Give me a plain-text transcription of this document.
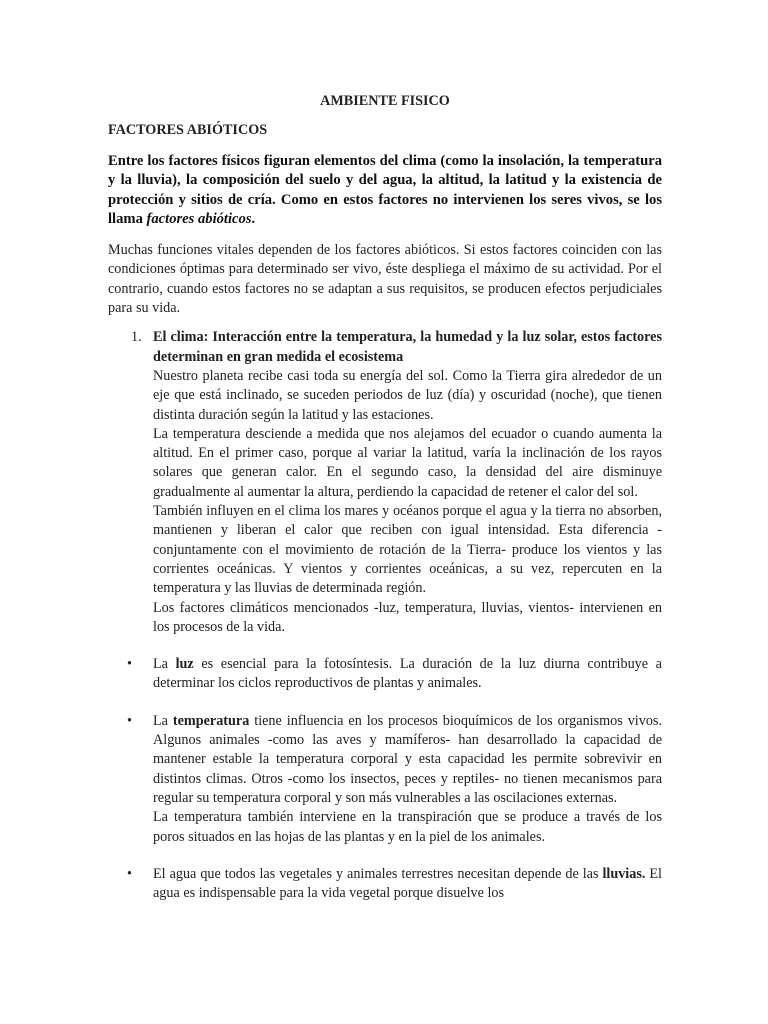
AMBIENTE FISICO

FACTORES ABIÓTICOS

Entre los factores físicos figuran elementos del clima (como la insolación, la temperatura y la lluvia), la composición del suelo y del agua, la altitud, la latitud y la existencia de protección y sitios de cría. Como en estos factores no intervienen los seres vivos, se los llama factores abióticos.

Muchas funciones vitales dependen de los factores abióticos. Si estos factores coinciden con las condiciones óptimas para determinado ser vivo, éste despliega el máximo de su actividad. Por el contrario, cuando estos factores no se adaptan a sus requisitos, se producen efectos perjudiciales para su vida.

1. El clima: Interacción entre la temperatura, la humedad y la luz solar, estos factores determinan en gran medida el ecosistema

Nuestro planeta recibe casi toda su energía del sol. Como la Tierra gira alrededor de un eje que está inclinado, se suceden periodos de luz (día) y oscuridad (noche), que tienen distinta duración según la latitud y las estaciones.

La temperatura desciende a medida que nos alejamos del ecuador o cuando aumenta la altitud. En el primer caso, porque al variar la latitud, varía la inclinación de los rayos solares que generan calor. En el segundo caso, la densidad del aire disminuye gradualmente al aumentar la altura, perdiendo la capacidad de retener el calor del sol.

También influyen en el clima los mares y océanos porque el agua y la tierra no absorben, mantienen y liberan el calor que reciben con igual intensidad. Esta diferencia -conjuntamente con el movimiento de rotación de la Tierra- produce los vientos y las corrientes oceánicas. Y vientos y corrientes oceánicas, a su vez, repercuten en la temperatura y las lluvias de determinada región.

Los factores climáticos mencionados -luz, temperatura, lluvias, vientos- intervienen en los procesos de la vida.

• La luz es esencial para la fotosíntesis. La duración de la luz diurna contribuye a determinar los ciclos reproductivos de plantas y animales.

• La temperatura tiene influencia en los procesos bioquímicos de los organismos vivos. Algunos animales -como las aves y mamíferos- han desarrollado la capacidad de mantener estable la temperatura corporal y esta capacidad les permite sobrevivir en distintos climas. Otros -como los insectos, peces y reptiles- no tienen mecanismos para regular su temperatura corporal y son más vulnerables a las oscilaciones externas.

La temperatura también interviene en la transpiración que se produce a través de los poros situados en las hojas de las plantas y en la piel de los animales.

• El agua que todos las vegetales y animales terrestres necesitan depende de las lluvias. El agua es indispensable para la vida vegetal porque disuelve los
